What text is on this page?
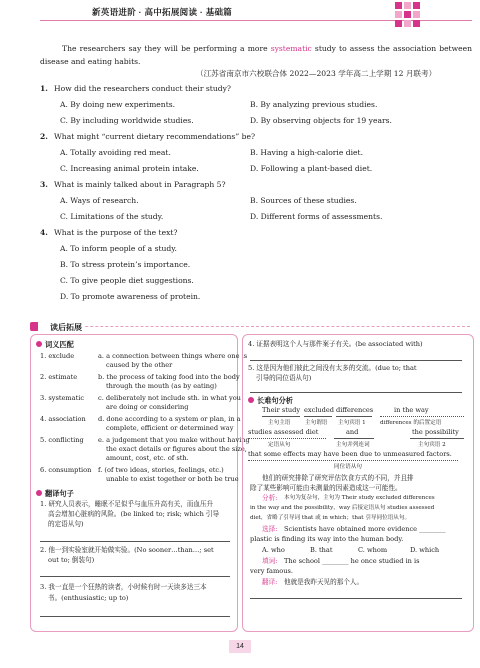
新英语进阶 · 高中拓展阅读 · 基础篇
The researchers say they will be performing a more systematic study to assess the association between disease and eating habits.
（江苏省南京市六校联合体 2022—2023 学年高二上学期 12 月联考）
1. How did the researchers conduct their study?
A. By doing new experiments.	B. By analyzing previous studies.
C. By including worldwide studies.	D. By observing objects for 19 years.
2. What might “current dietary recommendations” be?
A. Totally avoiding red meat.	B. Having a high-calorie diet.
C. Increasing animal protein intake.	D. Following a plant-based diet.
3. What is mainly talked about in Paragraph 5?
A. Ways of research.	B. Sources of these studies.
C. Limitations of the study.	D. Different forms of assessments.
4. What is the purpose of the text?
A. To inform people of a study.
B. To stress protein’s importance.
C. To give people diet suggestions.
D. To promote awareness of protein.
读后拓展
词义匹配
1. exclude	a. a connection between things where one is
caused by the other
2. estimate	b. the process of taking food into the body
through the mouth (as by eating)
3. systematic c. deliberately not include sth. in what you
are doing or considering
4. association d. done according to a system or plan, in a
complete, efficient or determined way
5. conflicting e. a judgement that you make without having
the exact details or figures about the size,
amount, cost, etc. of sth.
6. consumption f. (of two ideas, stories, feelings, etc.)
unable to exist together or both be true
翻译句子
1. 研究人员表示，睡眠不足似乎与血压升高有关，而血压升
高会增加心脏病的风险。(be linked to; risk; which 引导
的定语从句)
2. 他一到实验室就开始做实验。(No sooner…than…; set
out to; 倒装句)
3. 我一直是一个狂热的读者，小时候有时一天读多达三本
书。(enthusiastic; up to)
4. 证据表明这个人与那件案子有关。(be associated with)
5. 这是因为他们彼此之间没有太多的交流。(due to; that
引导的同位语从句)
长难句分析
Their study excluded differences	in the way
主句主语	主句谓语 主句宾语 1	differences 的后置定语
studies assessed diet	and	the possibility
定语从句	主句并列连词	主句宾语 2
that some effects may have been due to unmeasured factors.
同位语从句
他们的研究排除了研究评估饮食方式的不同，并且排
除了某些影响可能由未测量的因素造成这一可能性。
分析: 本句为复杂句，主句为 Their study excluded differences
in the way and the possibility，way 后接定语从句 studies assessed
diet，省略了引导词 that 或 in which；that 引导同位语从句。
选择: Scientists have obtained more evidence ________
plastic is finding its way into the human body.
A. who	B. that	C. whom	D. which
填词: The school ________ he once studied in is
very famous.
翻译: 他就是我昨天见的那个人。
14
